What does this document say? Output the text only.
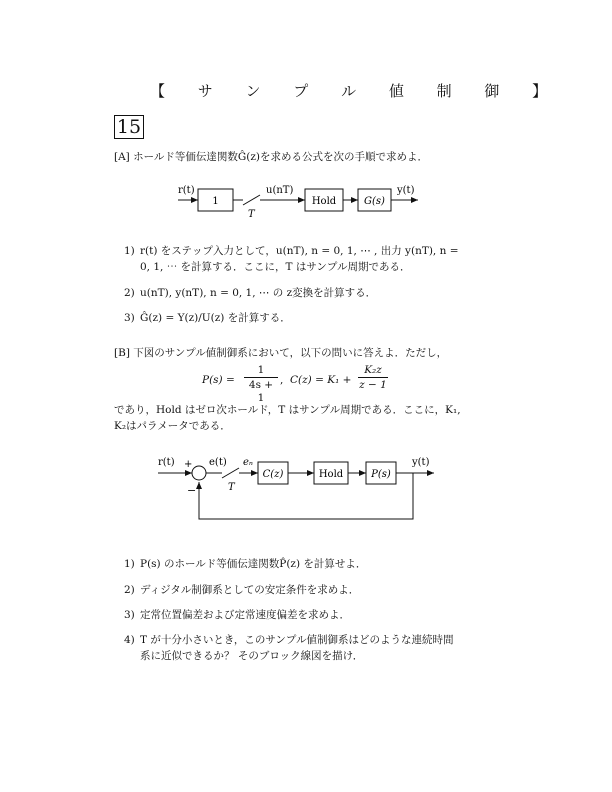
【 サ ン プ ル 値 制 御 】
15
[A] ホールド等価伝達関数Ĝ(z)を求める公式を次の手順で求めよ．
r(t)
1
T
u(nT)
Hold	G(s)
y(t)
r(t) +
−
e(t) eₙ
T
C(z)	Hold	P(s)
y(t)
1) r(t) をステップ入力として，u(nT), n = 0, 1, ⋯ , 出力 y(nT), n =
0, 1, ⋯ を計算する．ここに，T はサンプル周期である．
2) u(nT), y(nT), n = 0, 1, ⋯ の z変換を計算する．
3) Ĝ(z) = Y(z)/U(z) を計算する．
[B] 下図のサンプル値制御系において，以下の問いに答えよ．ただし，
P(s) =
1
4s + 1
, C(z) = K₁ +
K₂z
z − 1
であり，Hold はゼロ次ホールド，T はサンプル周期である．ここに，K₁,
K₂はパラメータである．
1) P(s) のホールド等価伝達関数P̂(z) を計算せよ．
2) ディジタル制御系としての安定条件を求めよ．
3) 定常位置偏差および定常速度偏差を求めよ．
4) T が十分小さいとき，このサンプル値制御系はどのような連続時間
系に近似できるか？ そのブロック線図を描け．
